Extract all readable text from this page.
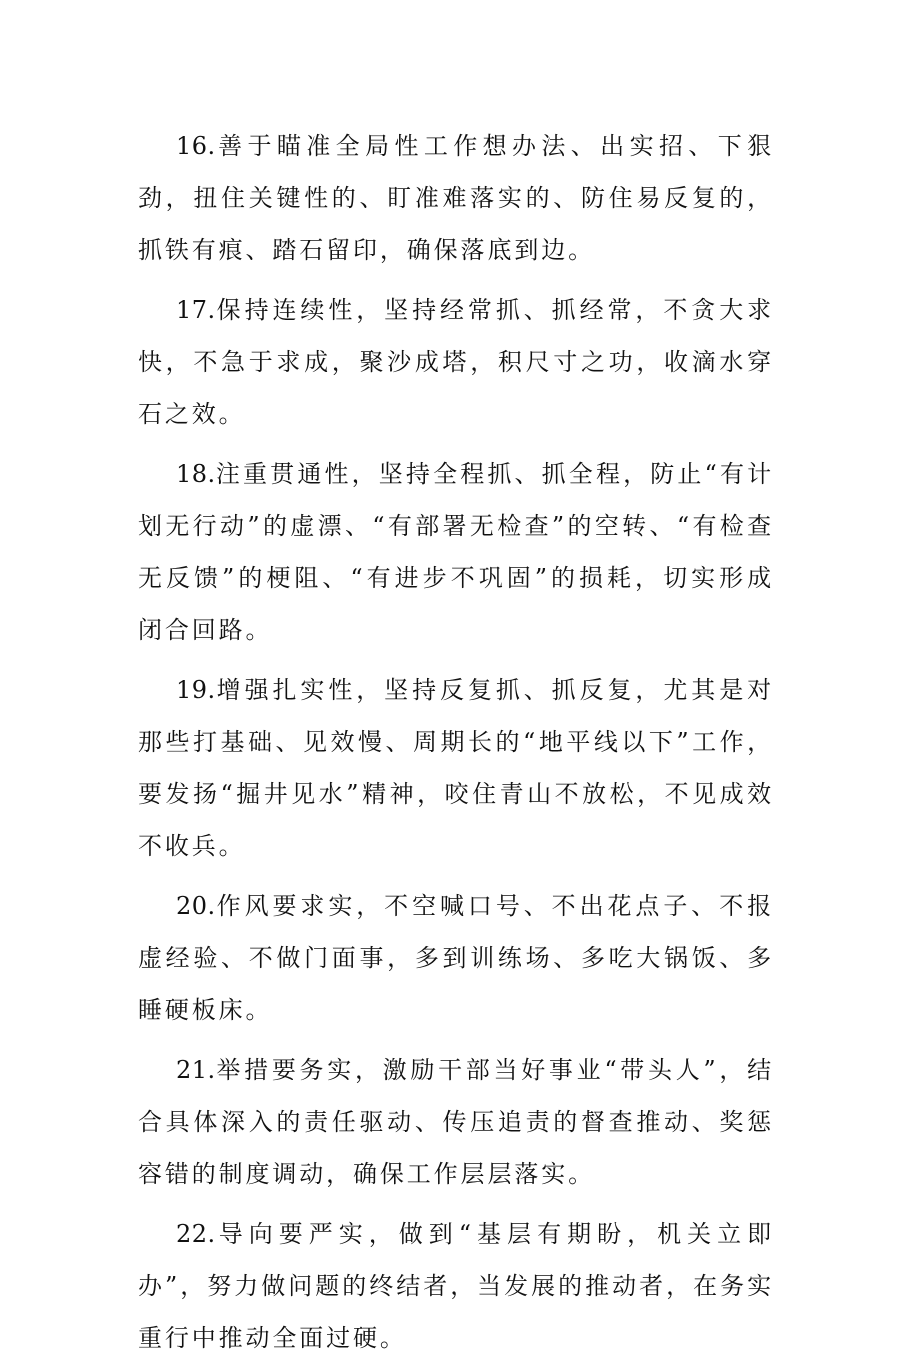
16.善于瞄准全局性工作想办法、出实招、下狠劲，扭住关键性的、盯准难落实的、防住易反复的，抓铁有痕、踏石留印，确保落底到边。

17.保持连续性，坚持经常抓、抓经常，不贪大求快，不急于求成，聚沙成塔，积尺寸之功，收滴水穿石之效。

18.注重贯通性，坚持全程抓、抓全程，防止“有计划无行动”的虚漂、“有部署无检查”的空转、“有检查无反馈”的梗阻、“有进步不巩固”的损耗，切实形成闭合回路。

19.增强扎实性，坚持反复抓、抓反复，尤其是对那些打基础、见效慢、周期长的“地平线以下”工作，要发扬“掘井见水”精神，咬住青山不放松，不见成效不收兵。

20.作风要求实，不空喊口号、不出花点子、不报虚经验、不做门面事，多到训练场、多吃大锅饭、多睡硬板床。

21.举措要务实，激励干部当好事业“带头人”，结合具体深入的责任驱动、传压追责的督查推动、奖惩容错的制度调动，确保工作层层落实。

22.导向要严实，做到“基层有期盼，机关立即办”，努力做问题的终结者，当发展的推动者，在务实重行中推动全面过硬。
